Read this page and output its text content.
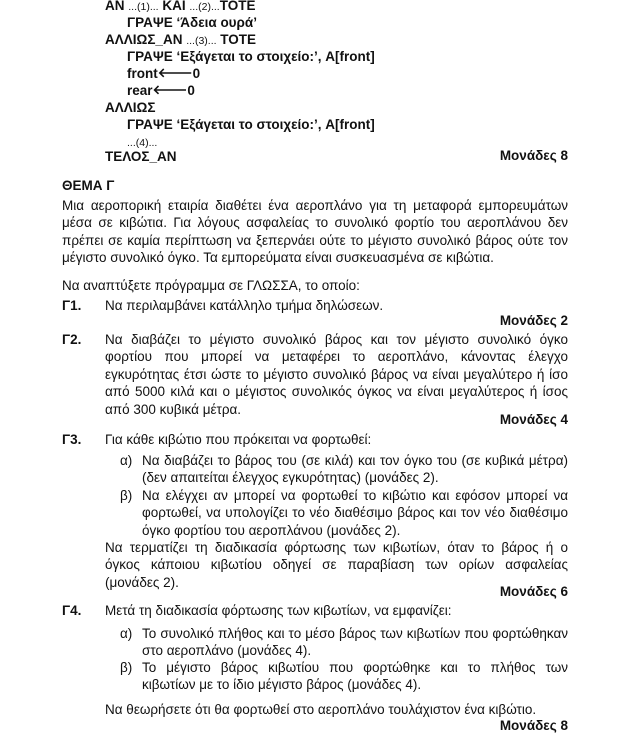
ΑΝ ...(1)... ΚΑΙ ...(2)...ΤΟΤΕ
ΓΡΑΨΕ ‘Άδεια ουρά’
ΑΛΛΙΩΣ_ΑΝ ...(3)... ΤΟΤΕ
ΓΡΑΨΕ ‘Εξάγεται το στοιχείο:’, A[front]
front🡐0
rear🡐0
ΑΛΛΙΩΣ
ΓΡΑΨΕ ‘Εξάγεται το στοιχείο:’, A[front]
...(4)...
ΤΕΛΟΣ_ΑΝ	Μονάδες 8
ΘΕΜΑ Γ
Μια αεροπορική εταιρία διαθέτει ένα αεροπλάνο για τη μεταφορά εμπορευμάτων μέσα σε κιβώτια. Για λόγους ασφαλείας το συνολικό φορτίο του αεροπλάνου δεν πρέπει σε καμία περίπτωση να ξεπερνάει ούτε το μέγιστο συνολικό βάρος ούτε τον μέγιστο συνολικό όγκο. Τα εμπορεύματα είναι συσκευασμένα σε κιβώτια.
Να αναπτύξετε πρόγραμμα σε ΓΛΩΣΣΑ, το οποίο:
Γ1. Να περιλαμβάνει κατάλληλο τμήμα δηλώσεων.
Μονάδες 2
Γ2. Να διαβάζει το μέγιστο συνολικό βάρος και τον μέγιστο συνολικό όγκο φορτίου που μπορεί να μεταφέρει το αεροπλάνο, κάνοντας έλεγχο εγκυρότητας έτσι ώστε το μέγιστο συνολικό βάρος να είναι μεγαλύτερο ή ίσο από 5000 κιλά και ο μέγιστος συνολικός όγκος να είναι μεγαλύτερος ή ίσος από 300 κυβικά μέτρα.
Μονάδες 4
Γ3. Για κάθε κιβώτιο που πρόκειται να φορτωθεί:
α) Να διαβάζει το βάρος του (σε κιλά) και τον όγκο του (σε κυβικά μέτρα) (δεν απαιτείται έλεγχος εγκυρότητας) (μονάδες 2).
β) Να ελέγχει αν μπορεί να φορτωθεί το κιβώτιο και εφόσον μπορεί να φορτωθεί, να υπολογίζει το νέο διαθέσιμο βάρος και τον νέο διαθέσιμο όγκο φορτίου του αεροπλάνου (μονάδες 2).
Να τερματίζει τη διαδικασία φόρτωσης των κιβωτίων, όταν το βάρος ή ο όγκος κάποιου κιβωτίου οδηγεί σε παραβίαση των ορίων ασφαλείας (μονάδες 2).
Μονάδες 6
Γ4. Μετά τη διαδικασία φόρτωσης των κιβωτίων, να εμφανίζει:
α) Το συνολικό πλήθος και το μέσο βάρος των κιβωτίων που φορτώθηκαν στο αεροπλάνο (μονάδες 4).
β) Το μέγιστο βάρος κιβωτίου που φορτώθηκε και το πλήθος των κιβωτίων με το ίδιο μέγιστο βάρος (μονάδες 4).
Να θεωρήσετε ότι θα φορτωθεί στο αεροπλάνο τουλάχιστον ένα κιβώτιο.
Μονάδες 8
